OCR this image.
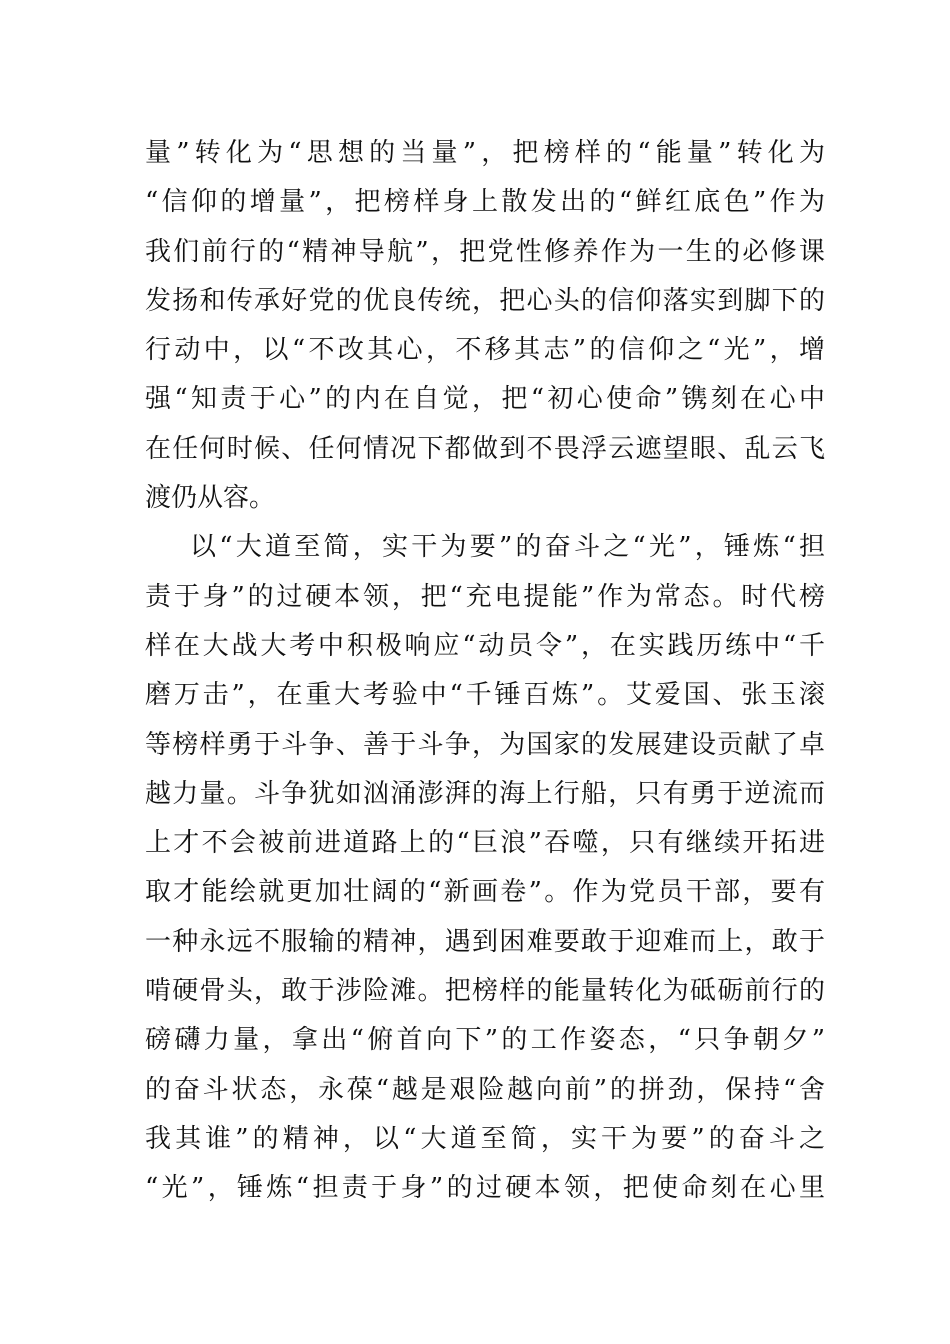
量”转化为“思想的当量”，把榜样的“能量”转化为
“信仰的增量”，把榜样身上散发出的“鲜红底色”作为
我们前行的“精神导航”，把党性修养作为一生的必修课
发扬和传承好党的优良传统，把心头的信仰落实到脚下的
行动中，以“不改其心，不移其志”的信仰之“光”，增
强“知责于心”的内在自觉，把“初心使命”镌刻在心中
在任何时候、任何情况下都做到不畏浮云遮望眼、乱云飞
渡仍从容。
以“大道至简，实干为要”的奋斗之“光”，锤炼“担
责于身”的过硬本领，把“充电提能”作为常态。时代榜
样在大战大考中积极响应“动员令”，在实践历练中“千
磨万击”，在重大考验中“千锤百炼”。艾爱国、张玉滚
等榜样勇于斗争、善于斗争，为国家的发展建设贡献了卓
越力量。斗争犹如汹涌澎湃的海上行船，只有勇于逆流而
上才不会被前进道路上的“巨浪”吞噬，只有继续开拓进
取才能绘就更加壮阔的“新画卷”。作为党员干部，要有
一种永远不服输的精神，遇到困难要敢于迎难而上，敢于
啃硬骨头，敢于涉险滩。把榜样的能量转化为砥砺前行的
磅礴力量，拿出“俯首向下”的工作姿态，“只争朝夕”
的奋斗状态，永葆“越是艰险越向前”的拼劲，保持“舍
我其谁”的精神，以“大道至简，实干为要”的奋斗之
“光”，锤炼“担责于身”的过硬本领，把使命刻在心里
